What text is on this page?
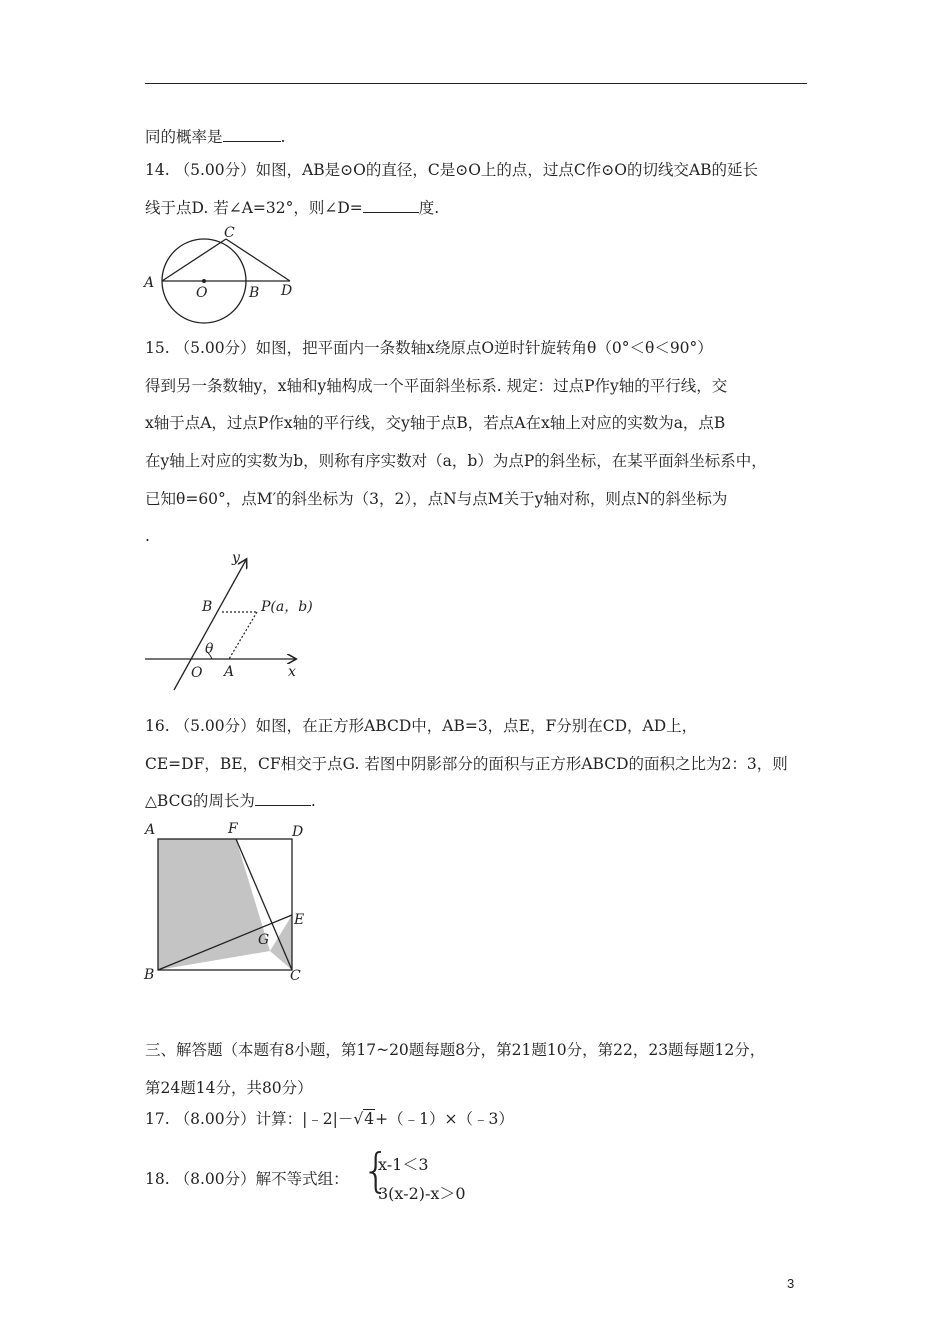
同的概率是	.
14. （5.00分）如图，AB是⊙O的直径，C是⊙O上的点，过点C作⊙O的切线交AB的延长
线于点D. 若∠A=32°，则∠D=	度.
A
O	B
C
D
15. （5.00分）如图，把平面内一条数轴x绕原点O逆时针旋转角θ（0°＜θ＜90°）
得到另一条数轴y，x轴和y轴构成一个平面斜坐标系. 规定：过点P作y轴的平行线，交
x轴于点A，过点P作x轴的平行线，交y轴于点B，若点A在x轴上对应的实数为a，点B
在y轴上对应的实数为b，则称有序实数对（a，b）为点P的斜坐标，在某平面斜坐标系中，
已知θ=60°，点M′的斜坐标为（3，2），点N与点M关于y轴对称，则点N的斜坐标为
.
y
x
B	P(a，b)
θ
O A
16. （5.00分）如图，在正方形ABCD中，AB=3，点E，F分别在CD，AD上，
CE=DF，BE，CF相交于点G. 若图中阴影部分的面积与正方形ABCD的面积之比为2：3，则
△BCG的周长为	.
A	F	D
E
G
B	C
三、解答题（本题有8小题，第17~20题每题8分，第21题10分，第22，23题每题12分，
第24题14分，共80分）
17. （8.00分）计算：|﹣2|－√4+（﹣1）×（﹣3）
18. （8.00分）解不等式组： {
x-1＜3
3(x-2)-x＞0
3
